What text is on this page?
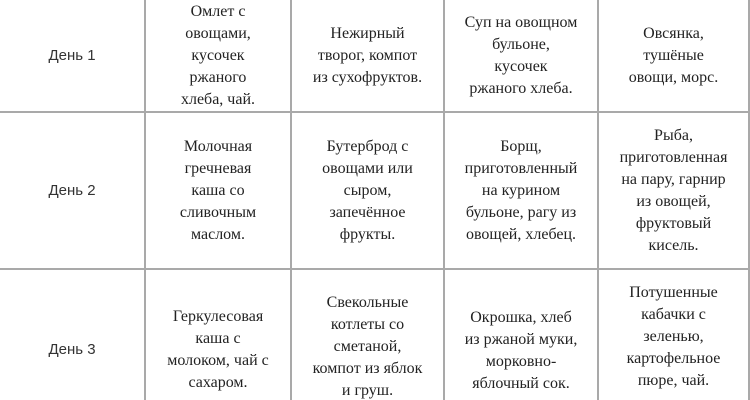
День 1
Омлет с
овощами,
кусочек
ржаного
хлеба, чай.
Нежирный
творог, компот
из сухофруктов.
Суп на овощном
бульоне,
кусочек
ржаного хлеба.
Овсянка,
тушёные
овощи, морс.
День 2
Молочная
гречневая
каша со
сливочным
маслом.
Бутерброд с
овощами или
сыром,
запечённое
фрукты.
Борщ,
приготовленный
на курином
бульоне, рагу из
овощей, хлебец.
Рыба,
приготовленная
на пару, гарнир
из овощей,
фруктовый
кисель.
День 3
Геркулесовая
каша с
молоком, чай с
сахаром.
Свекольные
котлеты со
сметаной,
компот из яблок
и груш.
Окрошка, хлеб
из ржаной муки,
морковно-
яблочный сок.
Потушенные
кабачки с
зеленью,
картофельное
пюре, чай.
